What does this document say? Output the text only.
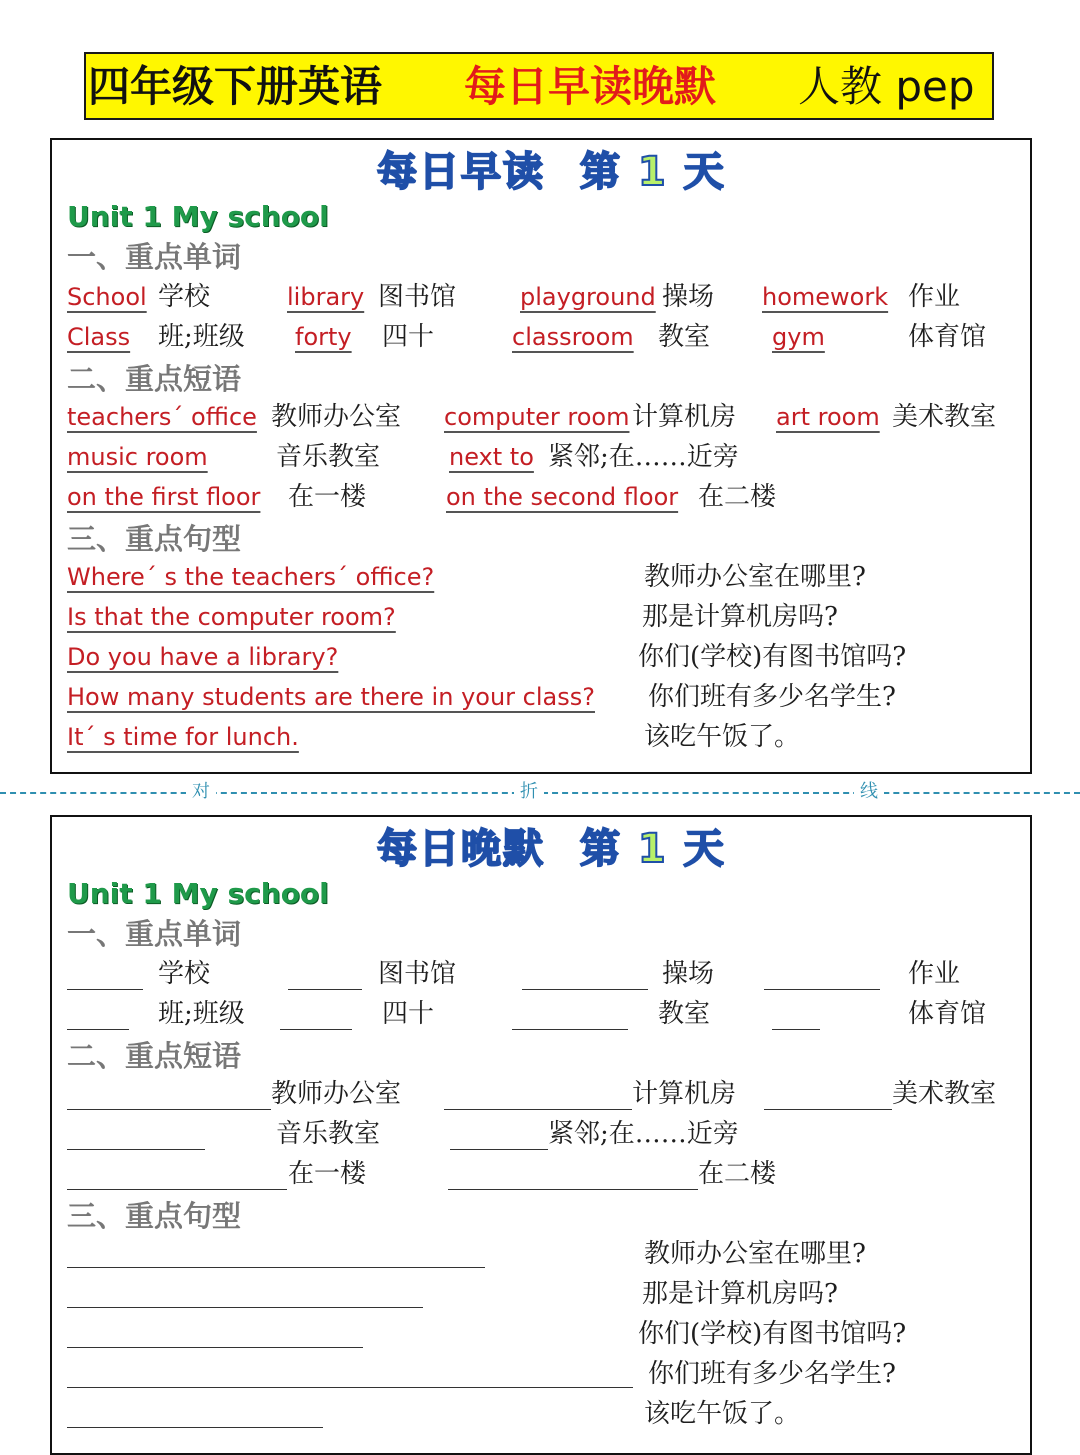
四年级下册英语 每日早读晚默 人教 pep
每日早读 第 1 天
Unit 1 My school
一、重点单词
School 学校	library 图书馆	playground 操场 homework 作业
Class 班;班级 forty 四十	classroom 教室	gym	体育馆
二、重点短语
teachers´ office 教师办公室 computer room 计算机房 art room 美术教室
music room	音乐教室	next to 紧邻;在……近旁
on the first floor 在一楼	on the second floor 在二楼
三、重点句型
Where´ s the teachers´ office?	教师办公室在哪里?
Is that the computer room?	那是计算机房吗?
Do you have a library?	你们(学校)有图书馆吗?
How many students are there in your class? 你们班有多少名学生?
It´ s time for lunch.	该吃午饭了。
对	折	线
每日晚默 第 1 天
Unit 1 My school
一、重点单词
学校	图书馆	操场	作业
班;班级	四十	教室	体育馆
二、重点短语
教师办公室	计算机房	美术教室
音乐教室	紧邻;在……近旁
在一楼	在二楼
三、重点句型
教师办公室在哪里?
那是计算机房吗?
你们(学校)有图书馆吗?
你们班有多少名学生?
该吃午饭了。
